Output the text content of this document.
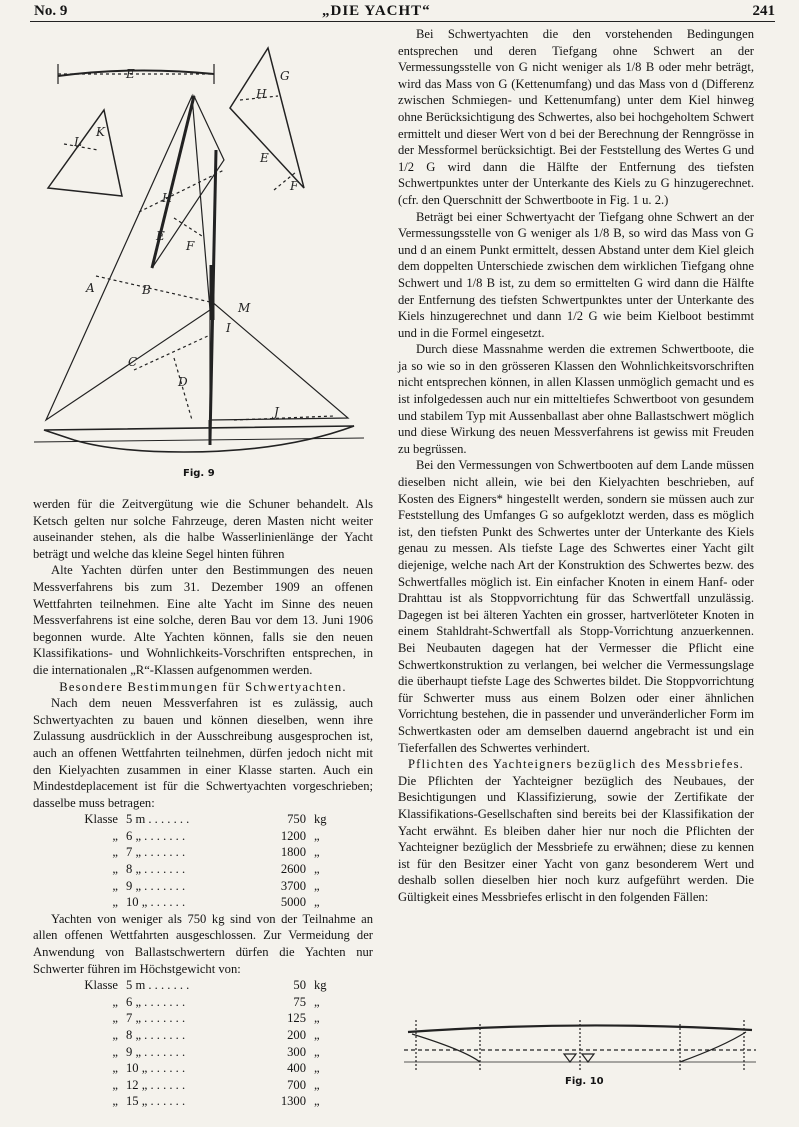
No. 9	„DIE YACHT“	241
E
L
K
H
G
H
E
F
E
F
A	B
C
D
I
M
J
Fig. 9

werden für die Zeitvergütung wie die Schuner behandelt. Als Ketsch gelten nur solche Fahrzeuge, deren Masten nicht weiter auseinander stehen, als die halbe Wasserlinienlänge der Yacht beträgt und welche das kleine Segel hinten führen

Alte Yachten dürfen unter den Bestimmungen des neuen Messverfahrens bis zum 31. Dezember 1909 an offenen Wettfahrten teilnehmen. Eine alte Yacht im Sinne des neuen Messverfahrens ist eine solche, deren Bau vor dem 13. Juni 1906 begonnen wurde. Alte Yachten können, falls sie den neuen Klassifikations- und Wohnlichkeits-Vorschriften entsprechen, in die internationalen „R“-Klassen aufgenommen werden.

Besondere Bestimmungen für Schwertyachten.

Nach dem neuen Messverfahren ist es zulässig, auch Schwertyachten zu bauen und können dieselben, wenn ihre Zulassung ausdrücklich in der Ausschreibung ausgesprochen ist, auch an offenen Wettfahrten teilnehmen, dürfen jedoch nicht mit den Kielyachten zusammen in einer Klasse starten. Auch ein Mindestdeplacement ist für die Schwertyachten vorgeschrieben; dasselbe muss betragen:

Klasse 5 m . . . . . . .	750 kg
„ 6 „ . . . . . . .	1200 „
„ 7 „ . . . . . . .	1800 „
„ 8 „ . . . . . . .	2600 „
„ 9 „ . . . . . . .	3700 „
„ 10 „ . . . . . .	5000 „

Yachten von weniger als 750 kg sind von der Teilnahme an allen offenen Wettfahrten ausgeschlossen. Zur Vermeidung der Anwendung von Ballastschwertern dürfen die Yachten nur Schwerter führen im Höchstgewicht von:

Klasse 5 m . . . . . . .	50 kg
„ 6 „ . . . . . . .	75 „
„ 7 „ . . . . . . .	125 „
„ 8 „ . . . . . . .	200 „
„ 9 „ . . . . . . .	300 „
„ 10 „ . . . . . .	400 „
„ 12 „ . . . . . .	700 „
„ 15 „ . . . . . .	1300 „

Bei Schwertyachten die den vorstehenden Bedingungen entsprechen und deren Tiefgang ohne Schwert an der Vermessungsstelle von G nicht weniger als 1/8 B oder mehr beträgt, wird das Mass von G (Kettenumfang) und das Mass von d (Differenz zwischen Schmiegen- und Kettenumfang) unter dem Kiel hinweg ohne Berücksichtigung des Schwertes, also bei hochgeholtem Schwert ermittelt und dieser Wert von d bei der Berechnung der Renngrösse in der Messformel berücksichtigt. Bei der Feststellung des Wertes G und 1/2 G wird dann die Hälfte der Entfernung des tiefsten Schwertpunktes unter der Unterkante des Kiels zu G hinzugerechnet. (cfr. den Querschnitt der Schwertboote in Fig. 1 u. 2.)

Beträgt bei einer Schwertyacht der Tiefgang ohne Schwert an der Vermessungsstelle von G weniger als 1/8 B, so wird das Mass von G und d an einem Punkt ermittelt, dessen Abstand unter dem Kiel gleich dem doppelten Unterschiede zwischen dem wirklichen Tiefgang ohne Schwert und 1/8 B ist, zu dem so ermittelten G wird dann die Hälfte der Entfernung des tiefsten Schwertpunktes unter der Unterkante des Kiels hinzugerechnet und dann 1/2 G wie beim Kielboot bestimmt und in die Formel eingesetzt.

Durch diese Massnahme werden die extremen Schwertboote, die ja so wie so in den grösseren Klassen den Wohnlichkeitsvorschriften nicht entsprechen können, in allen Klassen unmöglich gemacht und es ist infolgedessen auch nur ein mitteltiefes Schwertboot von gesundem und stabilem Typ mit Aussenballast aber ohne Ballastschwert möglich und diese Wirkung des neuen Messverfahrens ist gewiss mit Freuden zu begrüssen.

Bei den Vermessungen von Schwertbooten auf dem Lande müssen dieselben nicht allein, wie bei den Kielyachten beschrieben, auf Kosten des Eigners* hingestellt werden, sondern sie müssen auch zur Feststellung des Umfanges G so aufgeklotzt werden, dass es möglich ist, den tiefsten Punkt des Schwertes unter der Unterkante des Kiels genau zu messen. Als tiefste Lage des Schwertes einer Yacht gilt diejenige, welche nach Art der Konstruktion des Schwertes bezw. des Schwertfalles möglich ist. Ein einfacher Knoten in einem Hanf- oder Drahttau ist als Stoppvorrichtung für das Schwertfall unzulässig. Dagegen ist bei älteren Yachten ein grosser, hartverlöteter Knoten in einem Stahldraht-Schwertfall als Stopp-Vorrichtung anzuerkennen. Bei Neubauten dagegen hat der Vermesser die Pflicht eine Schwertkonstruktion zu verlangen, bei welcher die Vermessungslage die überhaupt tiefste Lage des Schwertes bildet. Die Stoppvorrichtung für Schwerter muss aus einem Bolzen oder einer ähnlichen Vorrichtung bestehen, die in passender und unveränderlicher Form im Schwertkasten oder am demselben dauernd angebracht ist und ein Tieferfallen des Schwertes verhindert.

Pflichten des Yachteigners bezüglich des Messbriefes.

Die Pflichten der Yachteigner bezüglich des Neubaues, der Besichtigungen und Klassifizierung, sowie der Zertifikate der Klassifikations-Gesellschaften sind bereits bei der Klassifikation der Yacht erwähnt. Es bleiben daher hier nur noch die Pflichten der Yachteigner bezüglich der Messbriefe zu erwähnen; diese zu kennen ist für den Besitzer einer Yacht von ganz besonderem Wert und deshalb sollen dieselben hier noch kurz aufgeführt werden. Die Gültigkeit eines Messbriefes erlischt in den folgenden Fällen:

Fig. 10
